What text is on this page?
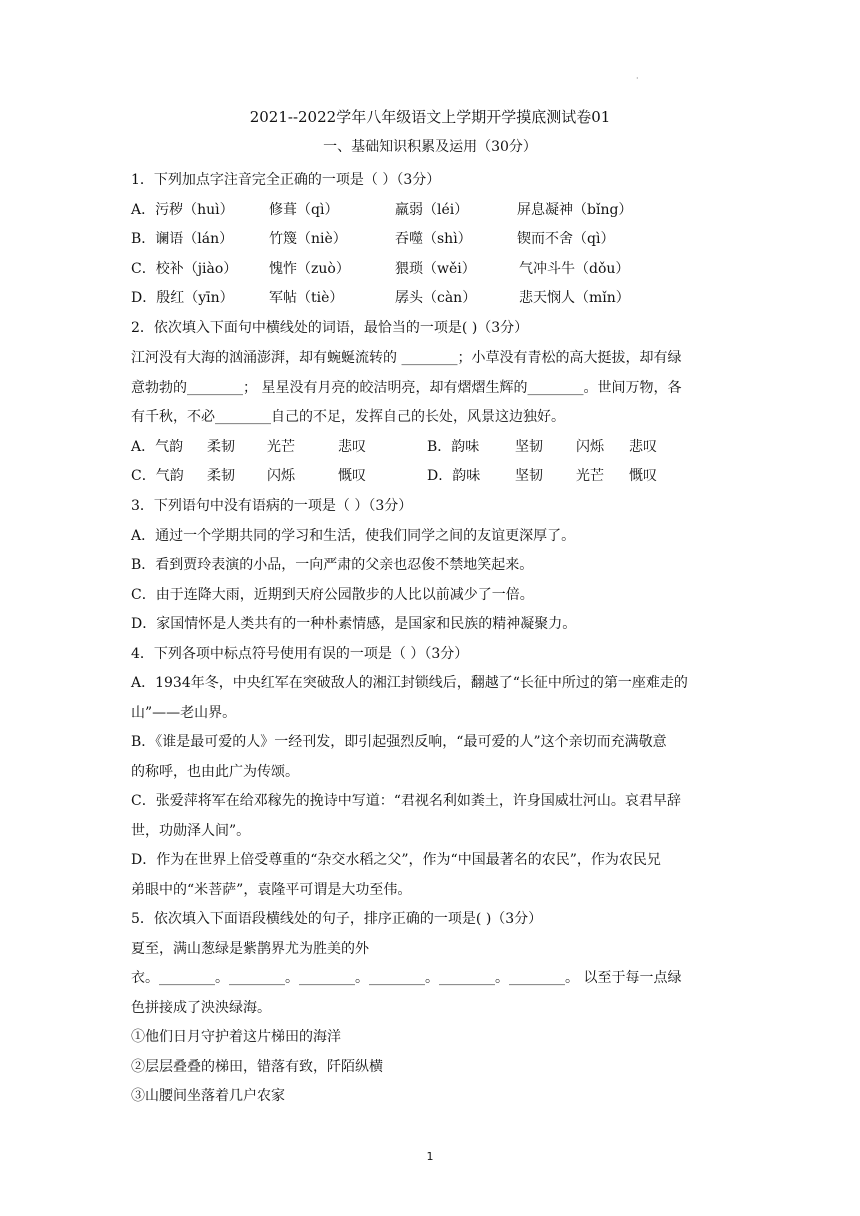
·
2021--2022学年八年级语文上学期开学摸底测试卷01
一、基础知识积累及运用（30分）
1．下列加点字注音完全正确的一项是（ ）（3分）
A．污秽（huì）	修葺（qì）	羸弱（léi）	屏息凝神（bǐng）
B．谰语（lán）	竹篾（niè）	吞噬（shì）	锲而不舍（qì）
C．校补（jiào） 愧怍（zuò）	猥琐（wěi）	气冲斗牛（dǒu）
D．殷红（yīn）	军帖（tiè）	孱头（càn）	悲天悯人（mǐn）
2．依次填入下面句中横线处的词语，最恰当的一项是( )（3分）
江河没有大海的汹涌澎湃，却有蜿蜒流转的 ________；小草没有青松的高大挺拔，却有绿
意勃勃的________； 星星没有月亮的皎洁明亮，却有熠熠生辉的________。世间万物，各
有千秋，不必________自己的不足，发挥自己的长处，风景这边独好。
A．气韵 柔韧 光芒	悲叹	B．韵味	坚韧 闪烁 悲叹
C．气韵 柔韧 闪烁	慨叹	D．韵味 坚韧 光芒 慨叹
3．下列语句中没有语病的一项是（ ）（3分）
A．通过一个学期共同的学习和生活，使我们同学之间的友谊更深厚了。
B．看到贾玲表演的小品，一向严肃的父亲也忍俊不禁地笑起来。
C．由于连降大雨，近期到天府公园散步的人比以前减少了一倍。
D．家国情怀是人类共有的一种朴素情感，是国家和民族的精神凝聚力。
4．下列各项中标点符号使用有误的一项是（ ）（3分）
A．1934年冬，中央红军在突破敌人的湘江封锁线后，翻越了“长征中所过的第一座难走的
山”——老山界。
B．《谁是最可爱的人》一经刊发，即引起强烈反响，“最可爱的人”这个亲切而充满敬意
的称呼，也由此广为传颂。
C．张爱萍将军在给邓稼先的挽诗中写道：“君视名利如粪土，许身国威壮河山。哀君早辞
世，功勋泽人间”。
D．作为在世界上倍受尊重的“杂交水稻之父”，作为“中国最著名的农民”，作为农民兄
弟眼中的“米菩萨”，袁隆平可谓是大功至伟。
5．依次填入下面语段横线处的句子，排序正确的一项是( )（3分）
夏至，满山葱绿是紫鹊界尤为胜美的外
衣。________。________。________。________。________。________。 以至于每一点绿
色拼接成了泱泱绿海。
①他们日月守护着这片梯田的海洋
②层层叠叠的梯田，错落有致，阡陌纵横
③山腰间坐落着几户农家
1
